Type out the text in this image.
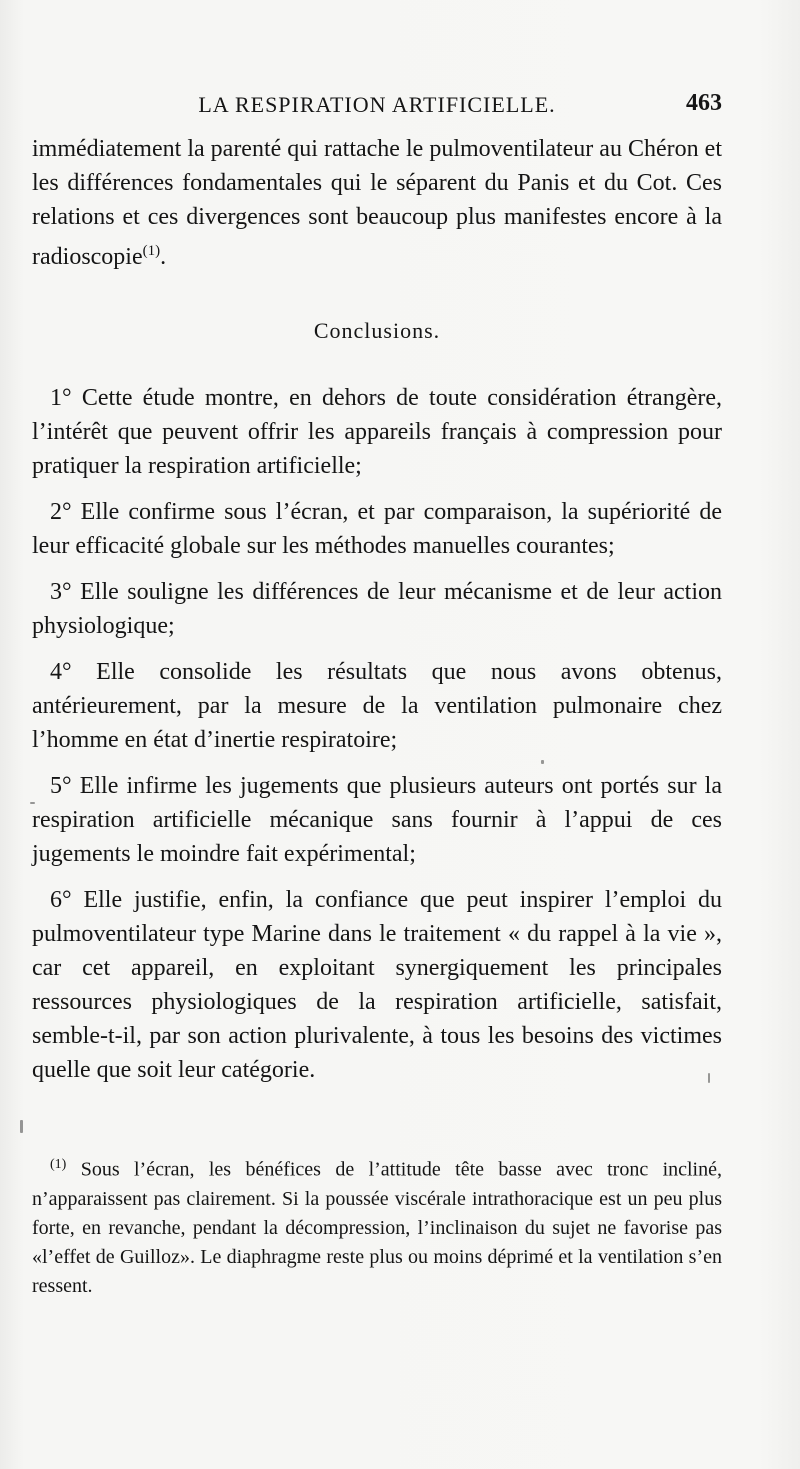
LA RESPIRATION ARTIFICIELLE.	463

immédiatement la parenté qui rattache le pulmoventilateur au Chéron et les différences fondamentales qui le séparent du Panis et du Cot. Ces relations et ces divergences sont beaucoup plus manifestes encore à la radioscopie$^{(1)}$.

Conclusions.

1° Cette étude montre, en dehors de toute considération étrangère, l’intérêt que peuvent offrir les appareils français à compression pour pratiquer la respiration artificielle;

2° Elle confirme sous l’écran, et par comparaison, la supériorité de leur efficacité globale sur les méthodes manuelles courantes;

3° Elle souligne les différences de leur mécanisme et de leur action physiologique;

4° Elle consolide les résultats que nous avons obtenus, antérieurement, par la mesure de la ventilation pulmonaire chez l’homme en état d’inertie respiratoire;

5° Elle infirme les jugements que plusieurs auteurs ont portés sur la respiration artificielle mécanique sans fournir à l’appui de ces jugements le moindre fait expérimental;

6° Elle justifie, enfin, la confiance que peut inspirer l’emploi du pulmoventilateur type Marine dans le traitement « du rappel à la vie », car cet appareil, en exploitant synergiquement les principales ressources physiologiques de la respiration artificielle, satisfait, semble-t-il, par son action plurivalente, à tous les besoins des victimes quelle que soit leur catégorie.

$^{(1)}$ Sous l’écran, les bénéfices de l’attitude tête basse avec tronc incliné, n’apparaissent pas clairement. Si la poussée viscérale intrathoracique est un peu plus forte, en revanche, pendant la décompression, l’inclinaison du sujet ne favorise pas «l’effet de Guilloz». Le diaphragme reste plus ou moins déprimé et la ventilation s’en ressent.
